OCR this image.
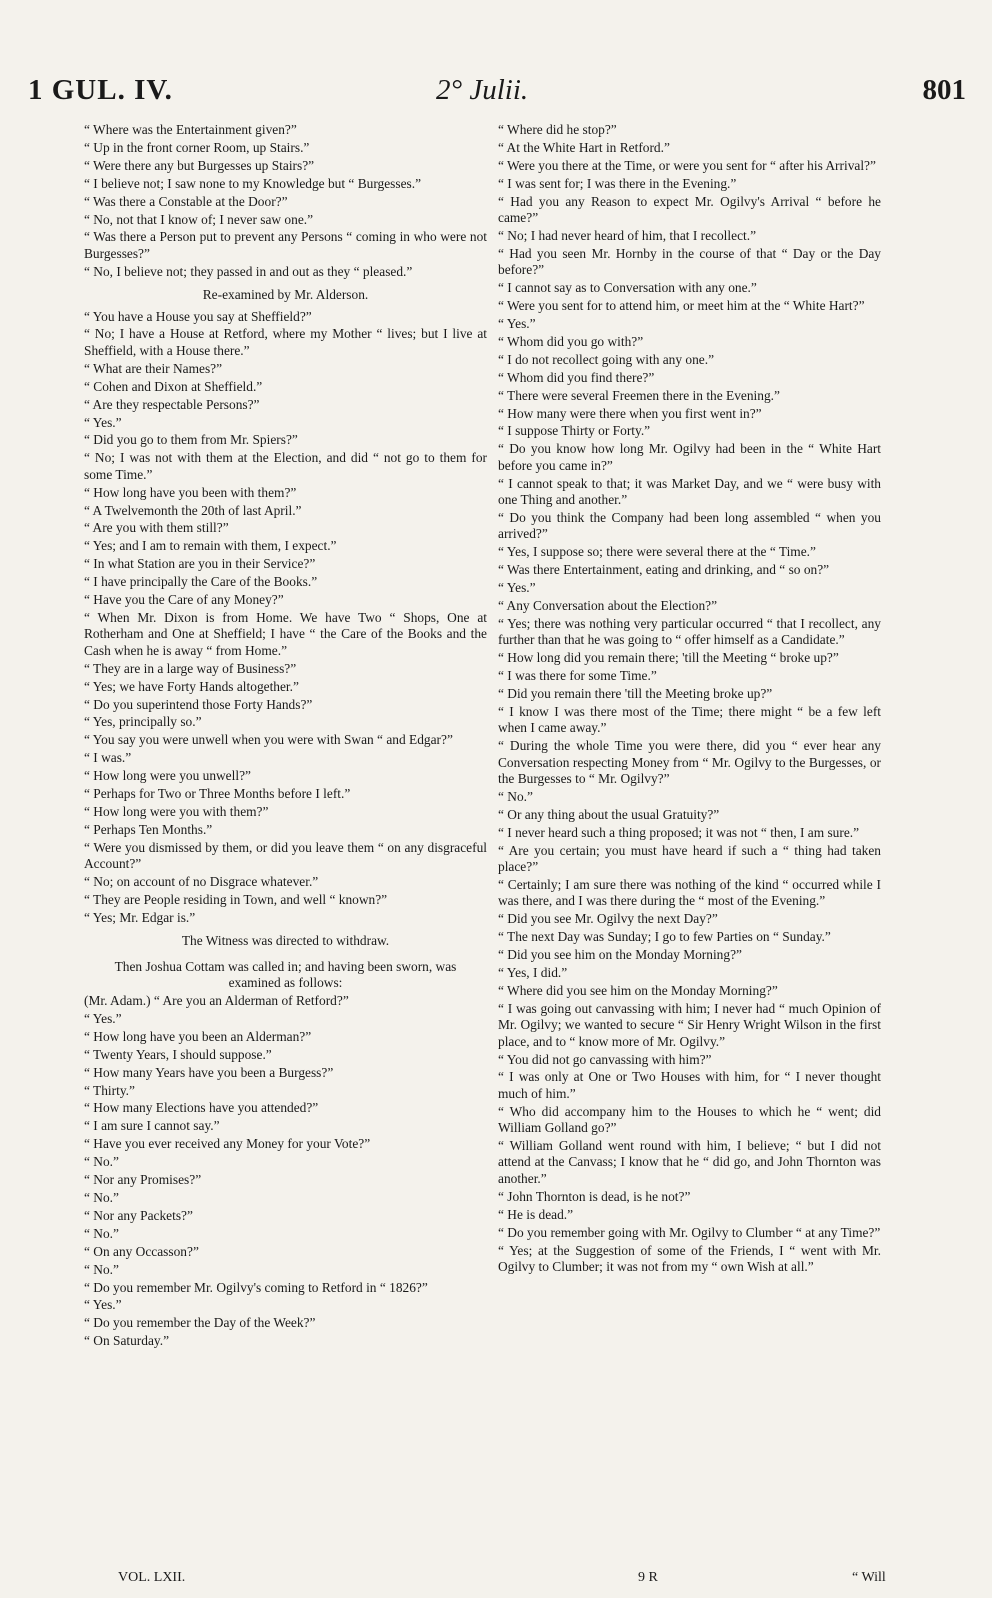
1 GUL. IV.	2° Julii.	801

“ Where was the Entertainment given?”

“ Up in the front corner Room, up Stairs.”

“ Were there any but Burgesses up Stairs?”

“ I believe not; I saw none to my Knowledge but “ Burgesses.”

“ Was there a Constable at the Door?”

“ No, not that I know of; I never saw one.”

“ Was there a Person put to prevent any Persons “ coming in who were not Burgesses?”

“ No, I believe not; they passed in and out as they “ pleased.”

Re-examined by Mr. Alderson.

“ You have a House you say at Sheffield?”

“ No; I have a House at Retford, where my Mother “ lives; but I live at Sheffield, with a House there.”

“ What are their Names?”

“ Cohen and Dixon at Sheffield.”

“ Are they respectable Persons?”

“ Yes.”

“ Did you go to them from Mr. Spiers?”

“ No; I was not with them at the Election, and did “ not go to them for some Time.”

“ How long have you been with them?”

“ A Twelvemonth the 20th of last April.”

“ Are you with them still?”

“ Yes; and I am to remain with them, I expect.”

“ In what Station are you in their Service?”

“ I have principally the Care of the Books.”

“ Have you the Care of any Money?”

“ When Mr. Dixon is from Home. We have Two “ Shops, One at Rotherham and One at Sheffield; I have “ the Care of the Books and the Cash when he is away “ from Home.”

“ They are in a large way of Business?”

“ Yes; we have Forty Hands altogether.”

“ Do you superintend those Forty Hands?”

“ Yes, principally so.”

“ You say you were unwell when you were with Swan “ and Edgar?”

“ I was.”

“ How long were you unwell?”

“ Perhaps for Two or Three Months before I left.”

“ How long were you with them?”

“ Perhaps Ten Months.”

“ Were you dismissed by them, or did you leave them “ on any disgraceful Account?”

“ No; on account of no Disgrace whatever.”

“ They are People residing in Town, and well “ known?”

“ Yes; Mr. Edgar is.”

The Witness was directed to withdraw.

Then Joshua Cottam was called in; and having been sworn, was examined as follows:

(Mr. Adam.) “ Are you an Alderman of Retford?”

“ Yes.”

“ How long have you been an Alderman?”

“ Twenty Years, I should suppose.”

“ How many Years have you been a Burgess?”

“ Thirty.”

“ How many Elections have you attended?”

“ I am sure I cannot say.”

“ Have you ever received any Money for your Vote?”

“ No.”

“ Nor any Promises?”

“ No.”

“ Nor any Packets?”

“ No.”

“ On any Occasson?”

“ No.”

“ Do you remember Mr. Ogilvy's coming to Retford in “ 1826?”

“ Yes.”

“ Do you remember the Day of the Week?”

“ On Saturday.”

“ Where did he stop?”

“ At the White Hart in Retford.”

“ Were you there at the Time, or were you sent for “ after his Arrival?”

“ I was sent for; I was there in the Evening.”

“ Had you any Reason to expect Mr. Ogilvy's Arrival “ before he came?”

“ No; I had never heard of him, that I recollect.”

“ Had you seen Mr. Hornby in the course of that “ Day or the Day before?”

“ I cannot say as to Conversation with any one.”

“ Were you sent for to attend him, or meet him at the “ White Hart?”

“ Yes.”

“ Whom did you go with?”

“ I do not recollect going with any one.”

“ Whom did you find there?”

“ There were several Freemen there in the Evening.”

“ How many were there when you first went in?”

“ I suppose Thirty or Forty.”

“ Do you know how long Mr. Ogilvy had been in the “ White Hart before you came in?”

“ I cannot speak to that; it was Market Day, and we “ were busy with one Thing and another.”

“ Do you think the Company had been long assembled “ when you arrived?”

“ Yes, I suppose so; there were several there at the “ Time.”

“ Was there Entertainment, eating and drinking, and “ so on?”

“ Yes.”

“ Any Conversation about the Election?”

“ Yes; there was nothing very particular occurred “ that I recollect, any further than that he was going to “ offer himself as a Candidate.”

“ How long did you remain there; 'till the Meeting “ broke up?”

“ I was there for some Time.”

“ Did you remain there 'till the Meeting broke up?”

“ I know I was there most of the Time; there might “ be a few left when I came away.”

“ During the whole Time you were there, did you “ ever hear any Conversation respecting Money from “ Mr. Ogilvy to the Burgesses, or the Burgesses to “ Mr. Ogilvy?”

“ No.”

“ Or any thing about the usual Gratuity?”

“ I never heard such a thing proposed; it was not “ then, I am sure.”

“ Are you certain; you must have heard if such a “ thing had taken place?”

“ Certainly; I am sure there was nothing of the kind “ occurred while I was there, and I was there during the “ most of the Evening.”

“ Did you see Mr. Ogilvy the next Day?”

“ The next Day was Sunday; I go to few Parties on “ Sunday.”

“ Did you see him on the Monday Morning?”

“ Yes, I did.”

“ Where did you see him on the Monday Morning?”

“ I was going out canvassing with him; I never had “ much Opinion of Mr. Ogilvy; we wanted to secure “ Sir Henry Wright Wilson in the first place, and to “ know more of Mr. Ogilvy.”

“ You did not go canvassing with him?”

“ I was only at One or Two Houses with him, for “ I never thought much of him.”

“ Who did accompany him to the Houses to which he “ went; did William Golland go?”

“ William Golland went round with him, I believe; “ but I did not attend at the Canvass; I know that he “ did go, and John Thornton was another.”

“ John Thornton is dead, is he not?”

“ He is dead.”

“ Do you remember going with Mr. Ogilvy to Clumber “ at any Time?”

“ Yes; at the Suggestion of some of the Friends, I “ went with Mr. Ogilvy to Clumber; it was not from my “ own Wish at all.”

VOL. LXII.	9 R	“ Will
